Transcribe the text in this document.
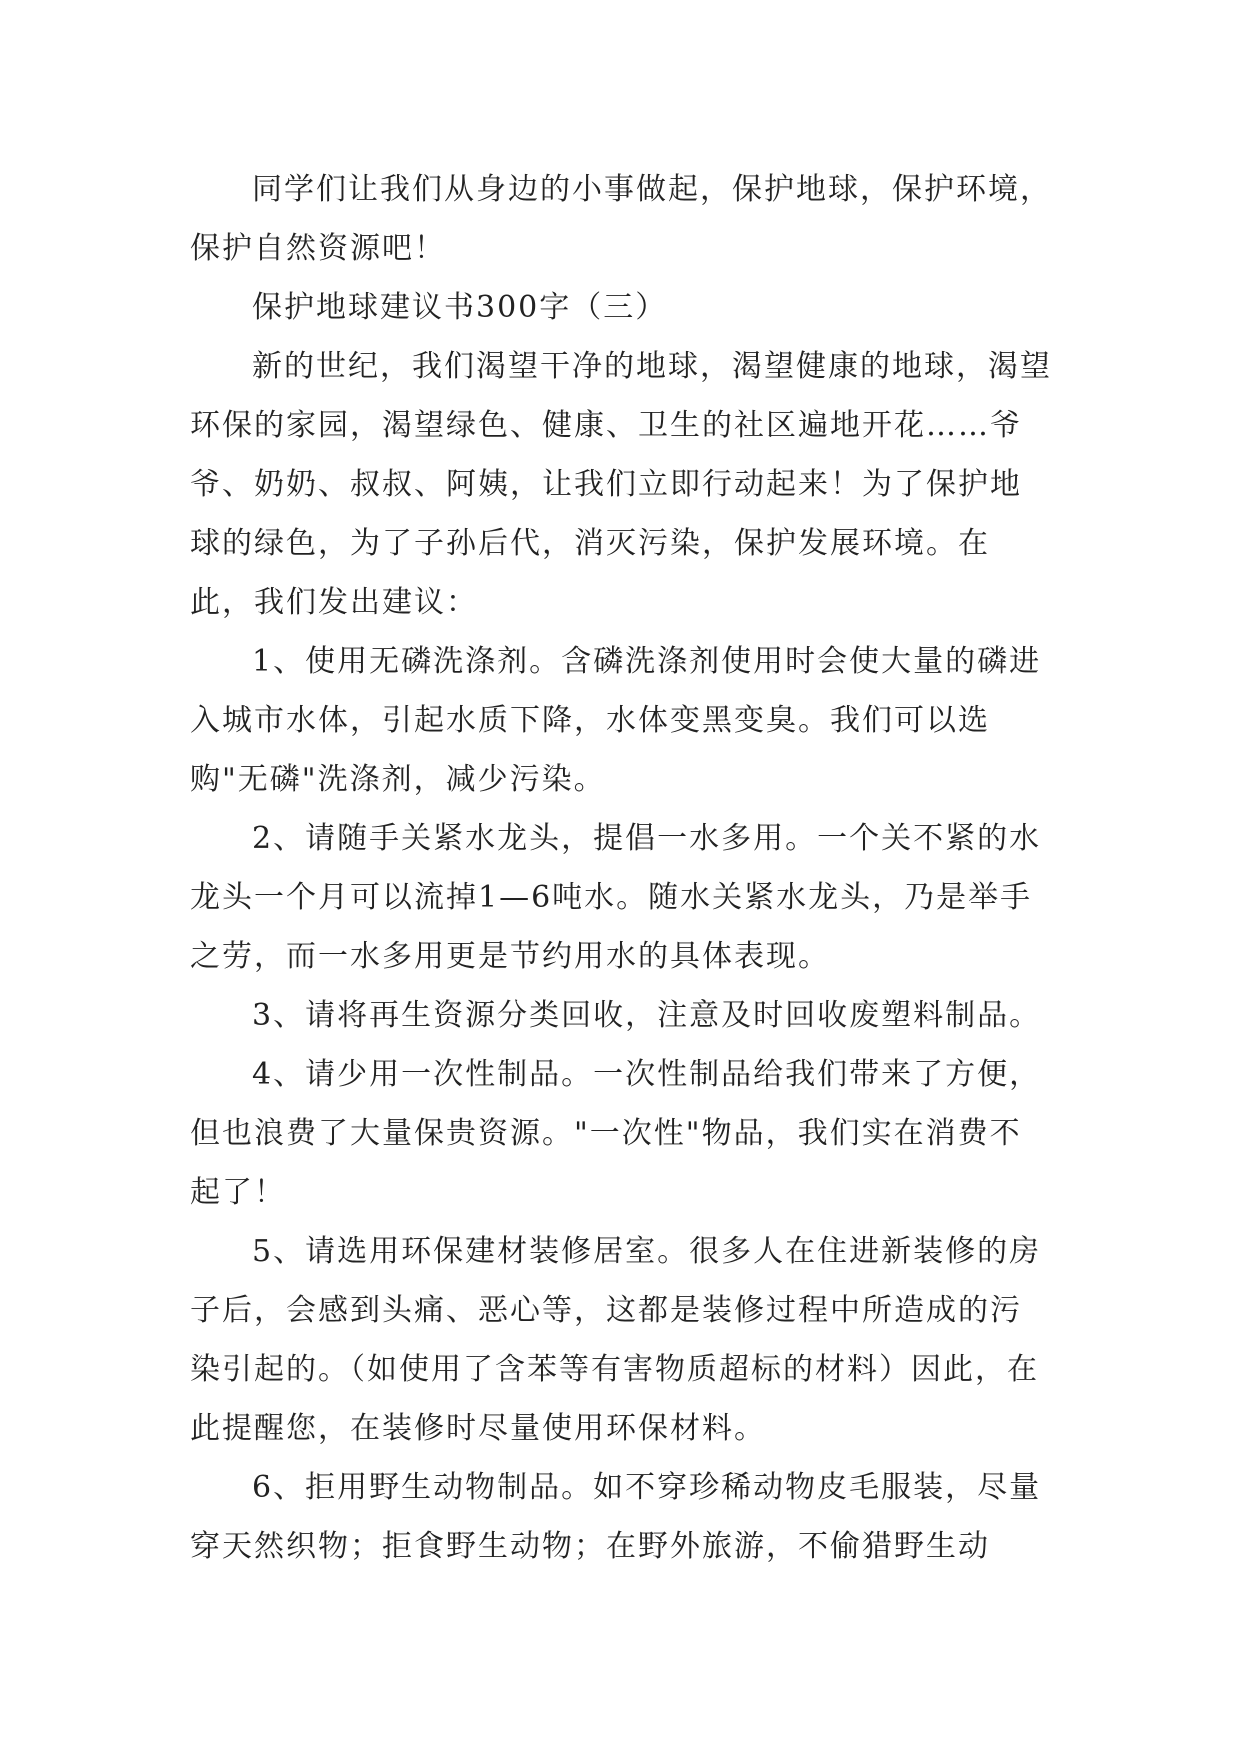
同学们让我们从身边的小事做起，保护地球，保护环境，保护自然资源吧！

保护地球建议书300字（三）

新的世纪，我们渴望干净的地球，渴望健康的地球，渴望环保的家园，渴望绿色、健康、卫生的社区遍地开花……爷爷、奶奶、叔叔、阿姨，让我们立即行动起来！为了保护地球的绿色，为了子孙后代，消灭污染，保护发展环境。在此，我们发出建议：

1、使用无磷洗涤剂。含磷洗涤剂使用时会使大量的磷进入城市水体，引起水质下降，水体变黑变臭。我们可以选购"无磷"洗涤剂，减少污染。

2、请随手关紧水龙头，提倡一水多用。一个关不紧的水龙头一个月可以流掉1—6吨水。随水关紧水龙头，乃是举手之劳，而一水多用更是节约用水的具体表现。

3、请将再生资源分类回收，注意及时回收废塑料制品。

4、请少用一次性制品。一次性制品给我们带来了方便，但也浪费了大量保贵资源。"一次性"物品，我们实在消费不起了！

5、请选用环保建材装修居室。很多人在住进新装修的房子后，会感到头痛、恶心等，这都是装修过程中所造成的污染引起的。（如使用了含苯等有害物质超标的材料）因此，在此提醒您，在装修时尽量使用环保材料。

6、拒用野生动物制品。如不穿珍稀动物皮毛服装，尽量穿天然织物；拒食野生动物；在野外旅游，不偷猎野生动
